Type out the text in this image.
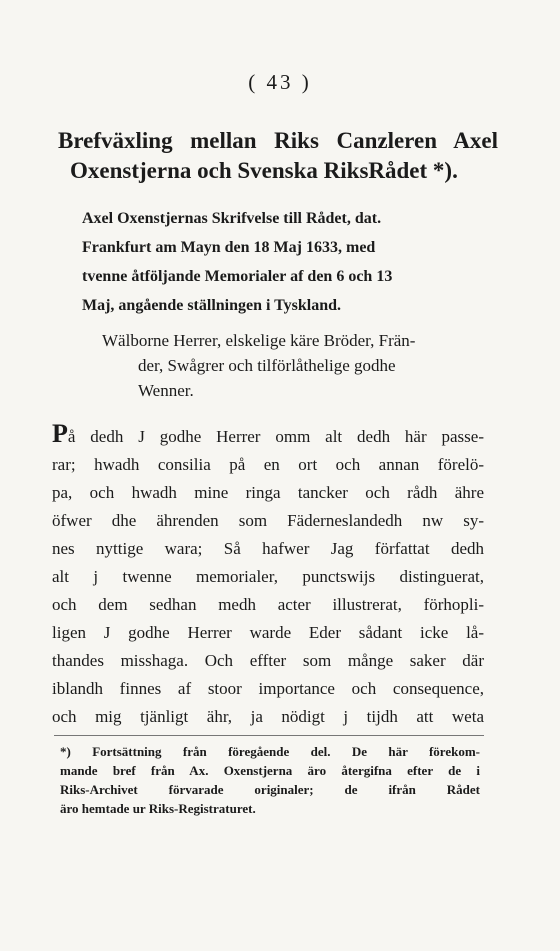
( 43 )
Brefväxling mellan Riks Canzleren Axel
Oxenstjerna och Svenska RiksRådet *).
Axel Oxenstjernas Skrifvelse till Rådet, dat.
Frankfurt am Mayn den 18 Maj 1633, med
tvenne åtföljande Memorialer af den 6 och 13
Maj, angående ställningen i Tyskland.
Wälborne Herrer, elskelige käre Bröder, Frän-
der, Swågrer och tilförlåthelige godhe
Wenner.
På dedh J godhe Herrer omm alt dedh här passe-
rar; hwadh consilia på en ort och annan förelö-
pa, och hwadh mine ringa tancker och rådh ähre
öfwer dhe ährenden som Fäderneslandedh nw sy-
nes nyttige wara; Så hafwer Jag författat dedh
alt j twenne memorialer, punctswijs distinguerat,
och dem sedhan medh acter illustrerat, förhopli-
ligen J godhe Herrer warde Eder sådant icke lå-
thandes misshaga. Och effter som månge saker där
iblandh finnes af stoor importance och consequence,
och mig tjänligt ähr, ja nödigt j tijdh att weta
*) Fortsättning från föregående del. De här förekom-
mande bref från Ax. Oxenstjerna äro återgifna efter de i
Riks-Archivet förvarade originaler; de ifrån Rådet
äro hemtade ur Riks-Registraturet.
